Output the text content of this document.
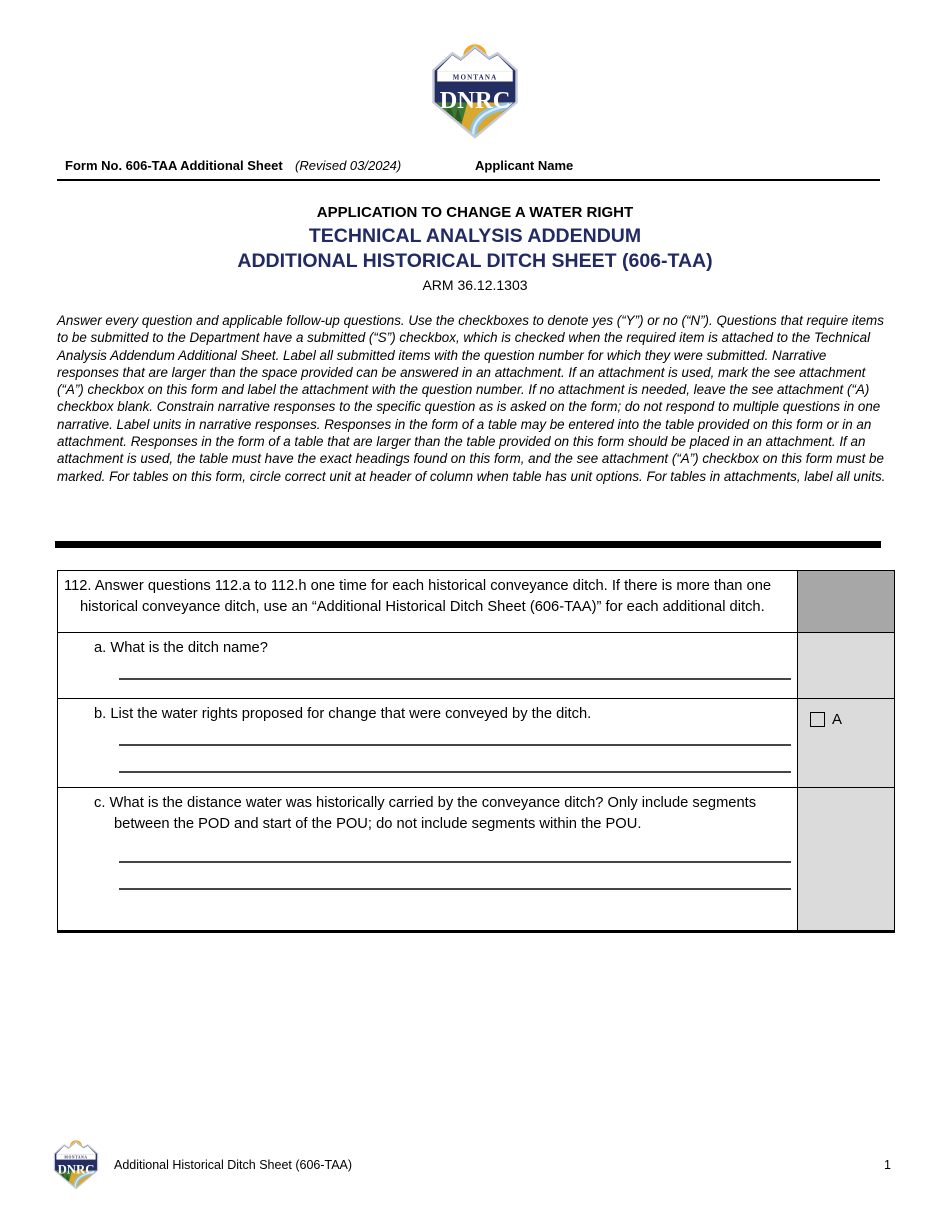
Form No. 606-TAA Additional Sheet (Revised 03/2024)	Applicant Name
APPLICATION TO CHANGE A WATER RIGHT
TECHNICAL ANALYSIS ADDENDUM
ADDITIONAL HISTORICAL DITCH SHEET (606-TAA)
ARM 36.12.1303
Answer every question and applicable follow-up questions. Use the checkboxes to denote yes (“Y”) or no (“N”). Questions that require items to be submitted to the Department have a submitted (“S”) checkbox, which is checked when the required item is attached to the Technical Analysis Addendum Additional Sheet. Label all submitted items with the question number for which they were submitted. Narrative responses that are larger than the space provided can be answered in an attachment. If an attachment is used, mark the see attachment (“A”) checkbox on this form and label the attachment with the question number. If no attachment is needed, leave the see attachment (“A) checkbox blank. Constrain narrative responses to the specific question as is asked on the form; do not respond to multiple questions in one narrative. Label units in narrative responses. Responses in the form of a table may be entered into the table provided on this form or in an attachment. Responses in the form of a table that are larger than the table provided on this form should be placed in an attachment. If an attachment is used, the table must have the exact headings found on this form, and the see attachment (“A”) checkbox on this form must be marked. For tables on this form, circle correct unit at header of column when table has unit options. For tables in attachments, label all units.
112. Answer questions 112.a to 112.h one time for each historical conveyance ditch. If there is more than one historical conveyance ditch, use an “Additional Historical Ditch Sheet (606-TAA)” for each additional ditch.
a. What is the ditch name?
b. List the water rights proposed for change that were conveyed by the ditch.	A
c. What is the distance water was historically carried by the conveyance ditch? Only include segments between the POD and start of the POU; do not include segments within the POU.
Additional Historical Ditch Sheet (606-TAA)	1
